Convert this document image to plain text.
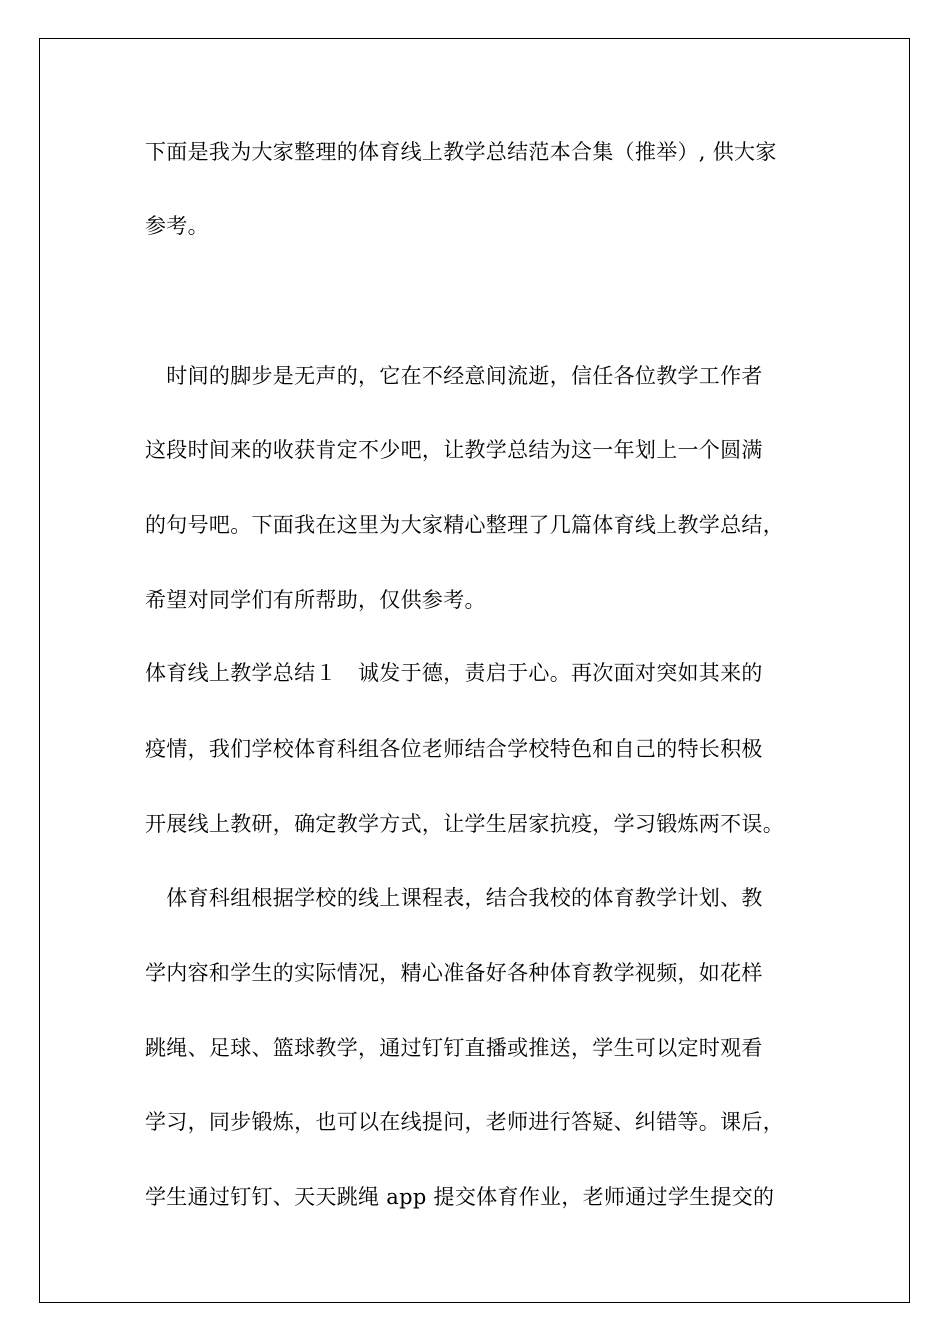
下面是我为大家整理的体育线上教学总结范本合集（推举）, 供大家
参考。
　时间的脚步是无声的，它在不经意间流逝，信任各位教学工作者
这段时间来的收获肯定不少吧，让教学总结为这一年划上一个圆满
的句号吧。下面我在这里为大家精心整理了几篇体育线上教学总结，
希望对同学们有所帮助，仅供参考。
体育线上教学总结１　诚发于德，责启于心。再次面对突如其来的
疫情，我们学校体育科组各位老师结合学校特色和自己的特长积极
开展线上教研，确定教学方式，让学生居家抗疫，学习锻炼两不误。
　体育科组根据学校的线上课程表，结合我校的体育教学计划、教
学内容和学生的实际情况，精心准备好各种体育教学视频，如花样
跳绳、足球、篮球教学，通过钉钉直播或推送，学生可以定时观看
学习，同步锻炼，也可以在线提问，老师进行答疑、纠错等。课后，
学生通过钉钉、天天跳绳 app 提交体育作业，老师通过学生提交的
